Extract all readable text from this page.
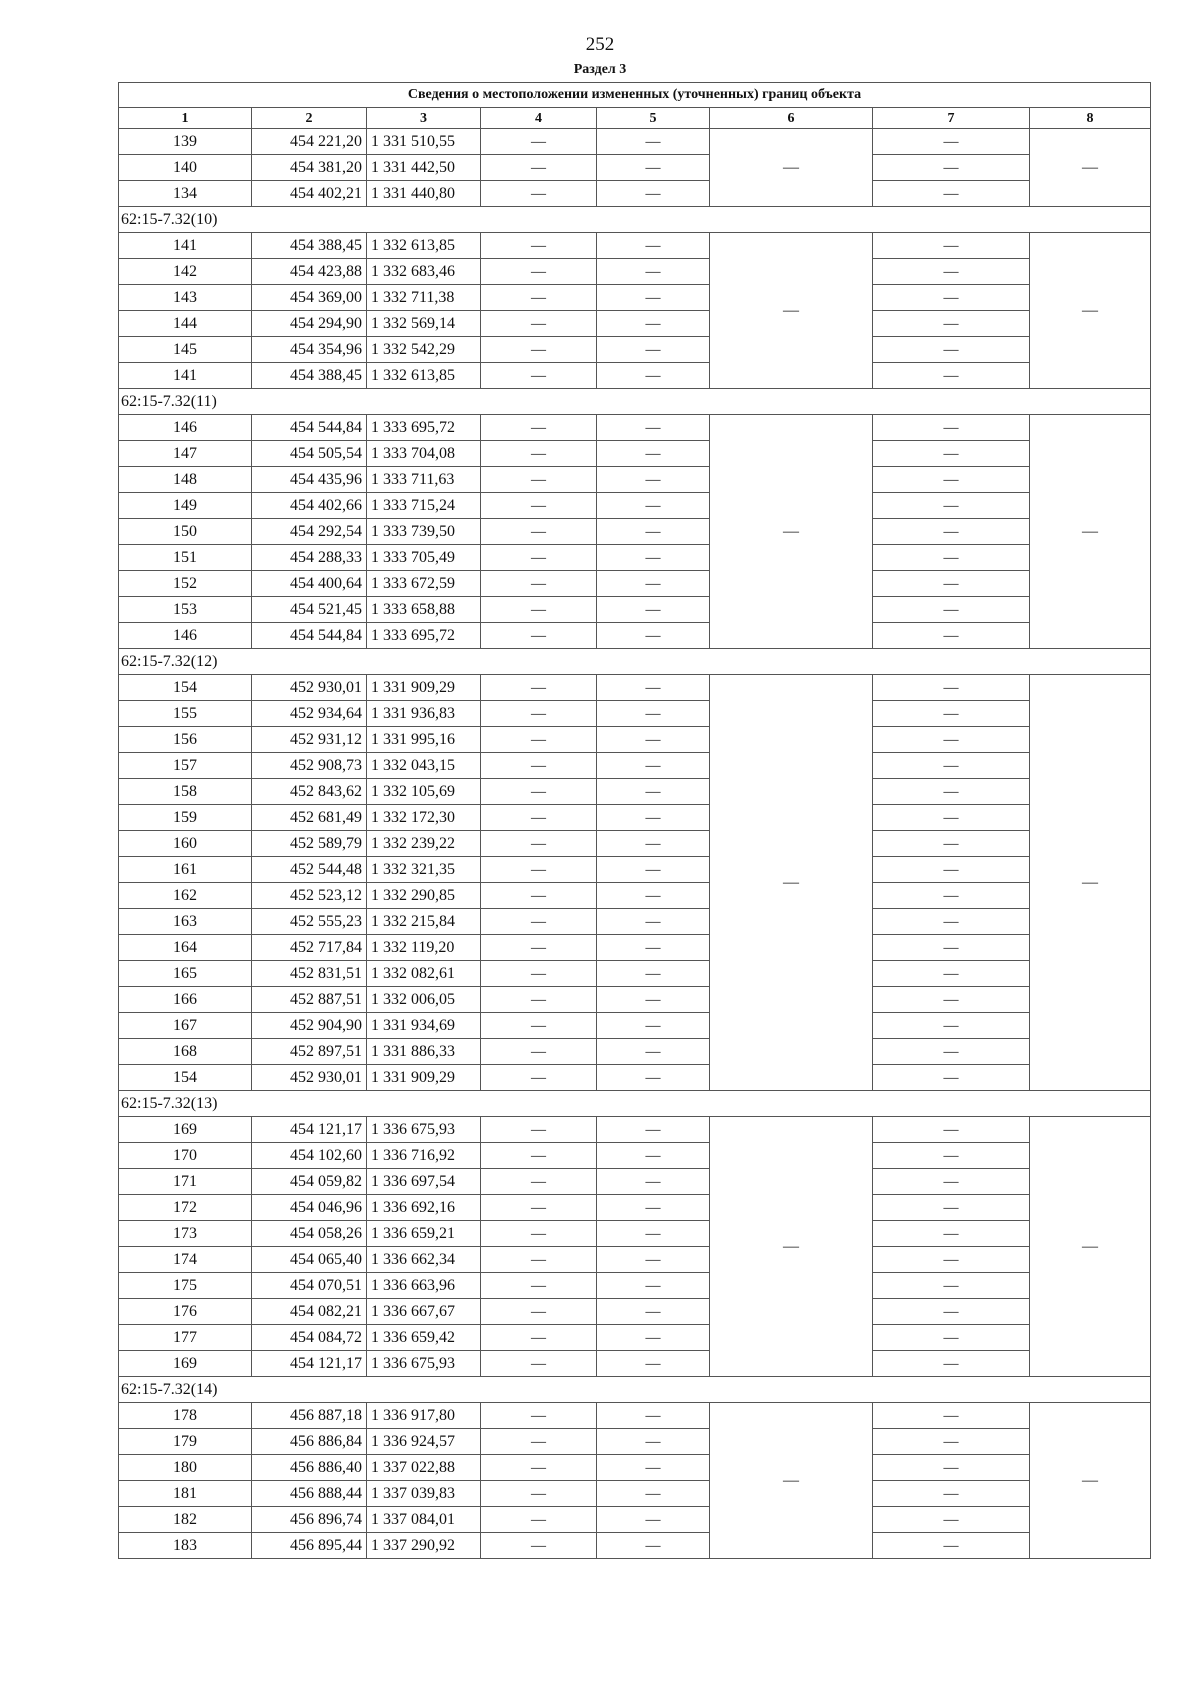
252
Раздел 3
Сведения о местоположении измененных (уточненных) границ объекта							
1	2	3	4	5	6	7	8
139	454 221,20	1 331 510,55	—	—	—	—	—
140	454 381,20	1 331 442,50	—	—		—	
134	454 402,21	1 331 440,80	—	—		—	
62:15-7.32(10)							
141	454 388,45	1 332 613,85	—	—	—	—	—
142	454 423,88	1 332 683,46	—	—		—	
143	454 369,00	1 332 711,38	—	—		—	
144	454 294,90	1 332 569,14	—	—		—	
145	454 354,96	1 332 542,29	—	—		—	
141	454 388,45	1 332 613,85	—	—		—	
62:15-7.32(11)							
146	454 544,84	1 333 695,72	—	—	—	—	—
147	454 505,54	1 333 704,08	—	—		—	
148	454 435,96	1 333 711,63	—	—		—	
149	454 402,66	1 333 715,24	—	—		—	
150	454 292,54	1 333 739,50	—	—		—	
151	454 288,33	1 333 705,49	—	—		—	
152	454 400,64	1 333 672,59	—	—		—	
153	454 521,45	1 333 658,88	—	—		—	
146	454 544,84	1 333 695,72	—	—		—	
62:15-7.32(12)							
154	452 930,01	1 331 909,29	—	—	—	—	—
155	452 934,64	1 331 936,83	—	—		—	
156	452 931,12	1 331 995,16	—	—		—	
157	452 908,73	1 332 043,15	—	—		—	
158	452 843,62	1 332 105,69	—	—		—	
159	452 681,49	1 332 172,30	—	—		—	
160	452 589,79	1 332 239,22	—	—		—	
161	452 544,48	1 332 321,35	—	—		—	
162	452 523,12	1 332 290,85	—	—		—	
163	452 555,23	1 332 215,84	—	—		—	
164	452 717,84	1 332 119,20	—	—		—	
165	452 831,51	1 332 082,61	—	—		—	
166	452 887,51	1 332 006,05	—	—		—	
167	452 904,90	1 331 934,69	—	—		—	
168	452 897,51	1 331 886,33	—	—		—	
154	452 930,01	1 331 909,29	—	—		—	
62:15-7.32(13)							
169	454 121,17	1 336 675,93	—	—	—	—	—
170	454 102,60	1 336 716,92	—	—		—	
171	454 059,82	1 336 697,54	—	—		—	
172	454 046,96	1 336 692,16	—	—		—	
173	454 058,26	1 336 659,21	—	—		—	
174	454 065,40	1 336 662,34	—	—		—	
175	454 070,51	1 336 663,96	—	—		—	
176	454 082,21	1 336 667,67	—	—		—	
177	454 084,72	1 336 659,42	—	—		—	
169	454 121,17	1 336 675,93	—	—		—	
62:15-7.32(14)							
178	456 887,18	1 336 917,80	—	—	—	—	—
179	456 886,84	1 336 924,57	—	—		—	
180	456 886,40	1 337 022,88	—	—		—	
181	456 888,44	1 337 039,83	—	—		—	
182	456 896,74	1 337 084,01	—	—		—	
183	456 895,44	1 337 290,92	—	—		—	
